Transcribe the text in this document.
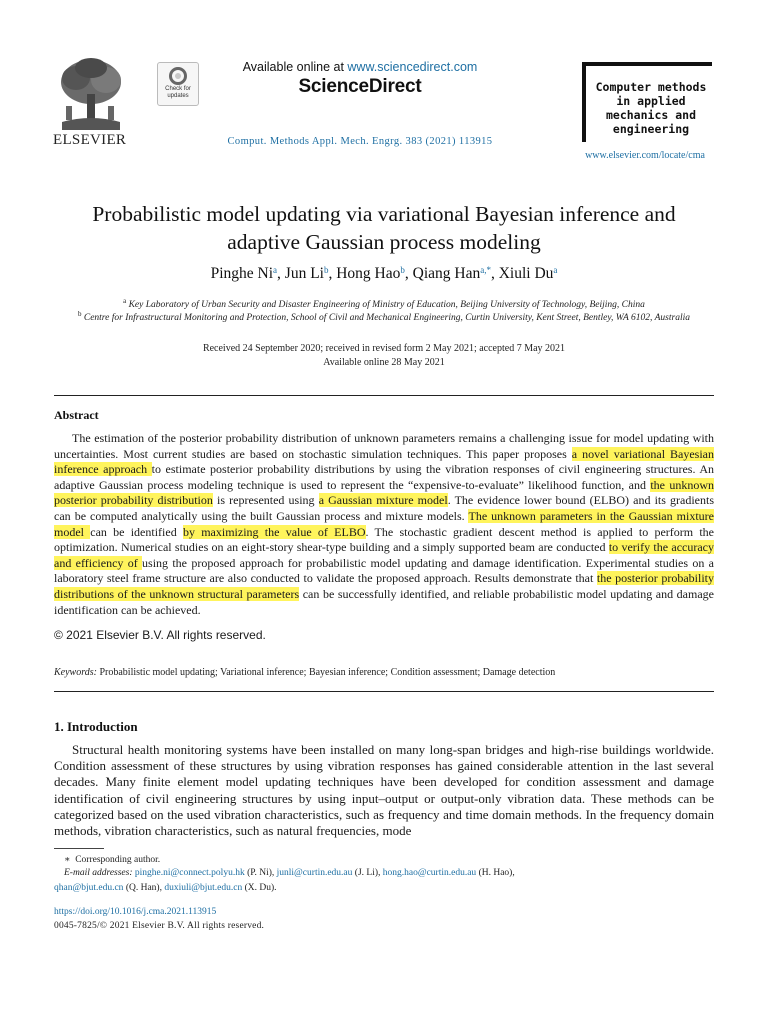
ELSEVIER
Check for updates
Available online at www.sciencedirect.com
ScienceDirect
Comput. Methods Appl. Mech. Engrg. 383 (2021) 113915
Computer methods
in applied
mechanics and
engineering
www.elsevier.com/locate/cma
Probabilistic model updating via variational Bayesian inference and
adaptive Gaussian process modeling
Pinghe Ni$^a$, Jun Li$^b$, Hong Hao$^b$, Qiang Han$^{a,*}$, Xiuli Du$^a$
$^a$ Key Laboratory of Urban Security and Disaster Engineering of Ministry of Education, Beijing University of Technology, Beijing, China
$^b$ Centre for Infrastructural Monitoring and Protection, School of Civil and Mechanical Engineering, Curtin University, Kent Street, Bentley, WA 6102, Australia
Received 24 September 2020; received in revised form 2 May 2021; accepted 7 May 2021
Available online 28 May 2021
Abstract

The estimation of the posterior probability distribution of unknown parameters remains a challenging issue for model updating with uncertainties. Most current studies are based on stochastic simulation techniques. This paper proposes a novel variational Bayesian inference approach to estimate posterior probability distributions by using the vibration responses of civil engineering structures. An adaptive Gaussian process modeling technique is used to represent the “expensive-to-evaluate” likelihood function, and the unknown posterior probability distribution is represented using a Gaussian mixture model. The evidence lower bound (ELBO) and its gradients can be computed analytically using the built Gaussian process and mixture models. The unknown parameters in the Gaussian mixture model can be identified by maximizing the value of ELBO. The stochastic gradient descent method is applied to perform the optimization. Numerical studies on an eight-story shear-type building and a simply supported beam are conducted to verify the accuracy and efficiency of using the proposed approach for probabilistic model updating and damage identification. Experimental studies on a laboratory steel frame structure are also conducted to validate the proposed approach. Results demonstrate that the posterior probability distributions of the unknown structural parameters can be successfully identified, and reliable probabilistic model updating and damage identification can be achieved.

© 2021 Elsevier B.V. All rights reserved.
Keywords: Probabilistic model updating; Variational inference; Bayesian inference; Condition assessment; Damage detection
1. Introduction

Structural health monitoring systems have been installed on many long-span bridges and high-rise buildings worldwide. Condition assessment of these structures by using vibration responses has gained considerable attention in the last several decades. Many finite element model updating techniques have been developed for condition assessment and damage identification of civil engineering structures by using input–output or output-only vibration data. These methods can be categorized based on the used vibration characteristics, such as frequency and time domain methods. In the frequency domain methods, vibration characteristics, such as natural frequencies, mode

∗ Corresponding author.
E-mail addresses: pinghe.ni@connect.polyu.hk (P. Ni), junli@curtin.edu.au (J. Li), hong.hao@curtin.edu.au (H. Hao),
qhan@bjut.edu.cn (Q. Han), duxiuli@bjut.edu.cn (X. Du).
https://doi.org/10.1016/j.cma.2021.113915
0045-7825/© 2021 Elsevier B.V. All rights reserved.
